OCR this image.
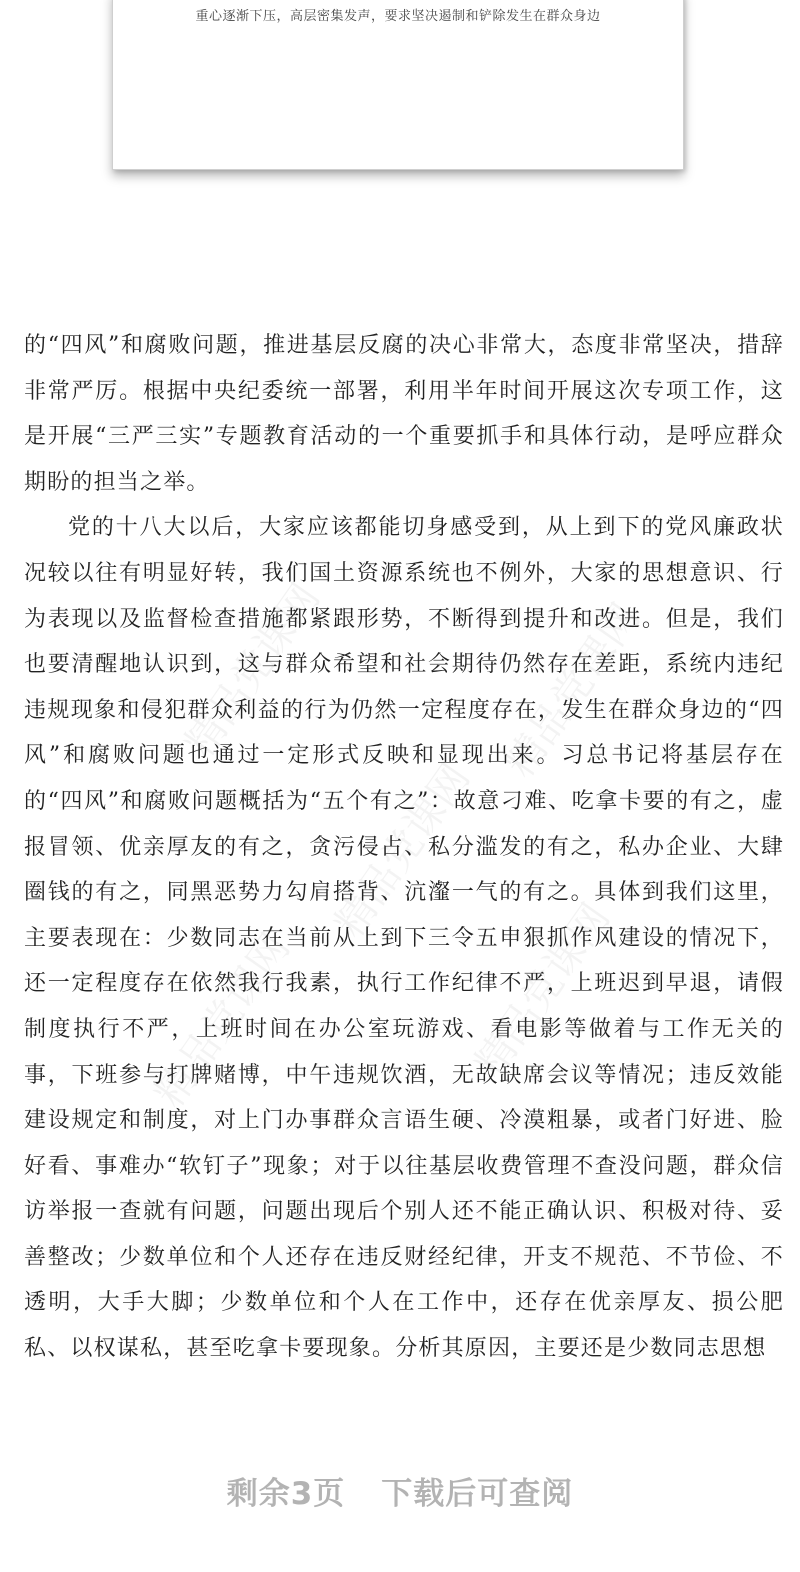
重心逐渐下压，高层密集发声，要求坚决遏制和铲除发生在群众身边
精品党课网	精品党课网
精品党课网
精品党课网	精品党课网

的“四风”和腐败问题，推进基层反腐的决心非常大，态度非常坚决，措辞非常严厉。根据中央纪委统一部署，利用半年时间开展这次专项工作，这是开展“三严三实”专题教育活动的一个重要抓手和具体行动，是呼应群众期盼的担当之举。

党的十八大以后，大家应该都能切身感受到，从上到下的党风廉政状况较以往有明显好转，我们国土资源系统也不例外，大家的思想意识、行为表现以及监督检查措施都紧跟形势，不断得到提升和改进。但是，我们也要清醒地认识到，这与群众希望和社会期待仍然存在差距，系统内违纪违规现象和侵犯群众利益的行为仍然一定程度存在，发生在群众身边的“四风”和腐败问题也通过一定形式反映和显现出来。习总书记将基层存在的“四风”和腐败问题概括为“五个有之”：故意刁难、吃拿卡要的有之，虚报冒领、优亲厚友的有之，贪污侵占、私分滥发的有之，私办企业、大肆圈钱的有之，同黑恶势力勾肩搭背、沆瀣一气的有之。具体到我们这里，主要表现在：少数同志在当前从上到下三令五申狠抓作风建设的情况下，还一定程度存在依然我行我素，执行工作纪律不严，上班迟到早退，请假制度执行不严，上班时间在办公室玩游戏、看电影等做着与工作无关的事，下班参与打牌赌博，中午违规饮酒，无故缺席会议等情况；违反效能建设规定和制度，对上门办事群众言语生硬、冷漠粗暴，或者门好进、脸好看、事难办“软钉子”现象；对于以往基层收费管理不查没问题，群众信访举报一查就有问题，问题出现后个别人还不能正确认识、积极对待、妥善整改；少数单位和个人还存在违反财经纪律，开支不规范、不节俭、不透明，大手大脚；少数单位和个人在工作中，还存在优亲厚友、损公肥私、以权谋私，甚至吃拿卡要现象。分析其原因，主要还是少数同志思想

剩余3页 下载后可查阅
